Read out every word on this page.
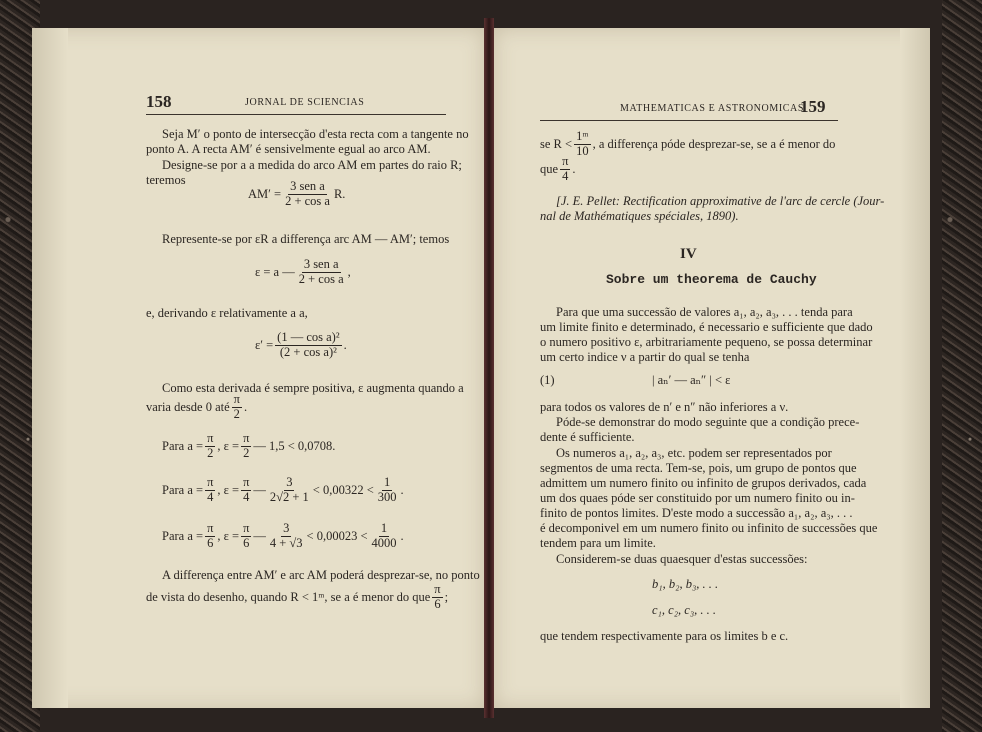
158	JORNAL DE SCIENCIAS
Seja M′ o ponto de intersecção d'esta recta com a tangente no
ponto A. A recta AM′ é sensivelmente egual ao arco AM.
Designe-se por a a medida do arco AM em partes do raio R;
teremos
$AM' = \frac{\text{3 sen a}}{\text{2 + cos a}} R$.
Represente-se por εR a differença arc AM — AM′; temos
ε = a — $\frac{\text{3 sen a}}{\text{2 + cos a}}$ ,
e, derivando ε relativamente a a,
$\varepsilon' = \frac{\text{(1 — cos a)²}}{\text{(2 + cos a)²}}$ .
Como esta derivada é sempre positiva, ε augmenta quando a
varia desde 0 até $\frac{\pi}{2}$ .
Para $a = \frac{\pi}{2}$ , $\varepsilon = \frac{\pi}{2}$ — 1,5 < 0,0708.
Para $a = \frac{\pi}{4}$ , $\varepsilon = \frac{\pi}{4}$ — $\frac{3}{2√2 + 1} < 0,00322 < \frac{1}{300}$ .
Para $a = \frac{\pi}{6}$ , $\varepsilon = \frac{\pi}{6}$ — $\frac{3}{4 + √3} < 0,00023 < \frac{1}{4000}$ .
A differença entre AM′ e arc AM poderá desprezar-se, no ponto
de vista do desenho, quando R < 1ᵐ, se a é menor do que $\frac{\pi}{6}$ ;
MATHEMATICAS E ASTRONOMICAS
159
se $R < \frac{\text{1ᵐ}}{10}$ , a differença póde desprezar-se, se a é menor do
que $\frac{\pi}{4}$ .
[J. E. Pellet: Rectification approximative de l'arc de cercle (Jour-
nal de Mathématiques spéciales, 1890).
IV
Sobre um theorema de Cauchy
Para que uma successão de valores a₁, a₂, a₃, . . . tenda para
um limite finito e determinado, é necessario e sufficiente que dado
o numero positivo ε, arbitrariamente pequeno, se possa determinar
um certo indice ν a partir do qual se tenha
(1)	| aₙ′ — aₙ″ | < ε
para todos os valores de n′ e n″ não inferiores a ν.
Póde-se demonstrar do modo seguinte que a condição prece-
dente é sufficiente.
Os numeros a₁, a₂, a₃, etc. podem ser representados por
segmentos de uma recta. Tem-se, pois, um grupo de pontos que
admittem um numero finito ou infinito de grupos derivados, cada
um dos quaes póde ser constituido por um numero finito ou in-
finito de pontos limites. D'este modo a successão a₁, a₂, a₃, . . .
é decomponivel em um numero finito ou infinito de successões que
tendem para um limite.
Considerem-se duas quaesquer d'estas successões:
b₁, b₂, b₃, . . .
c₁, c₂, c₃, . . .
que tendem respectivamente para os limites b e c.
